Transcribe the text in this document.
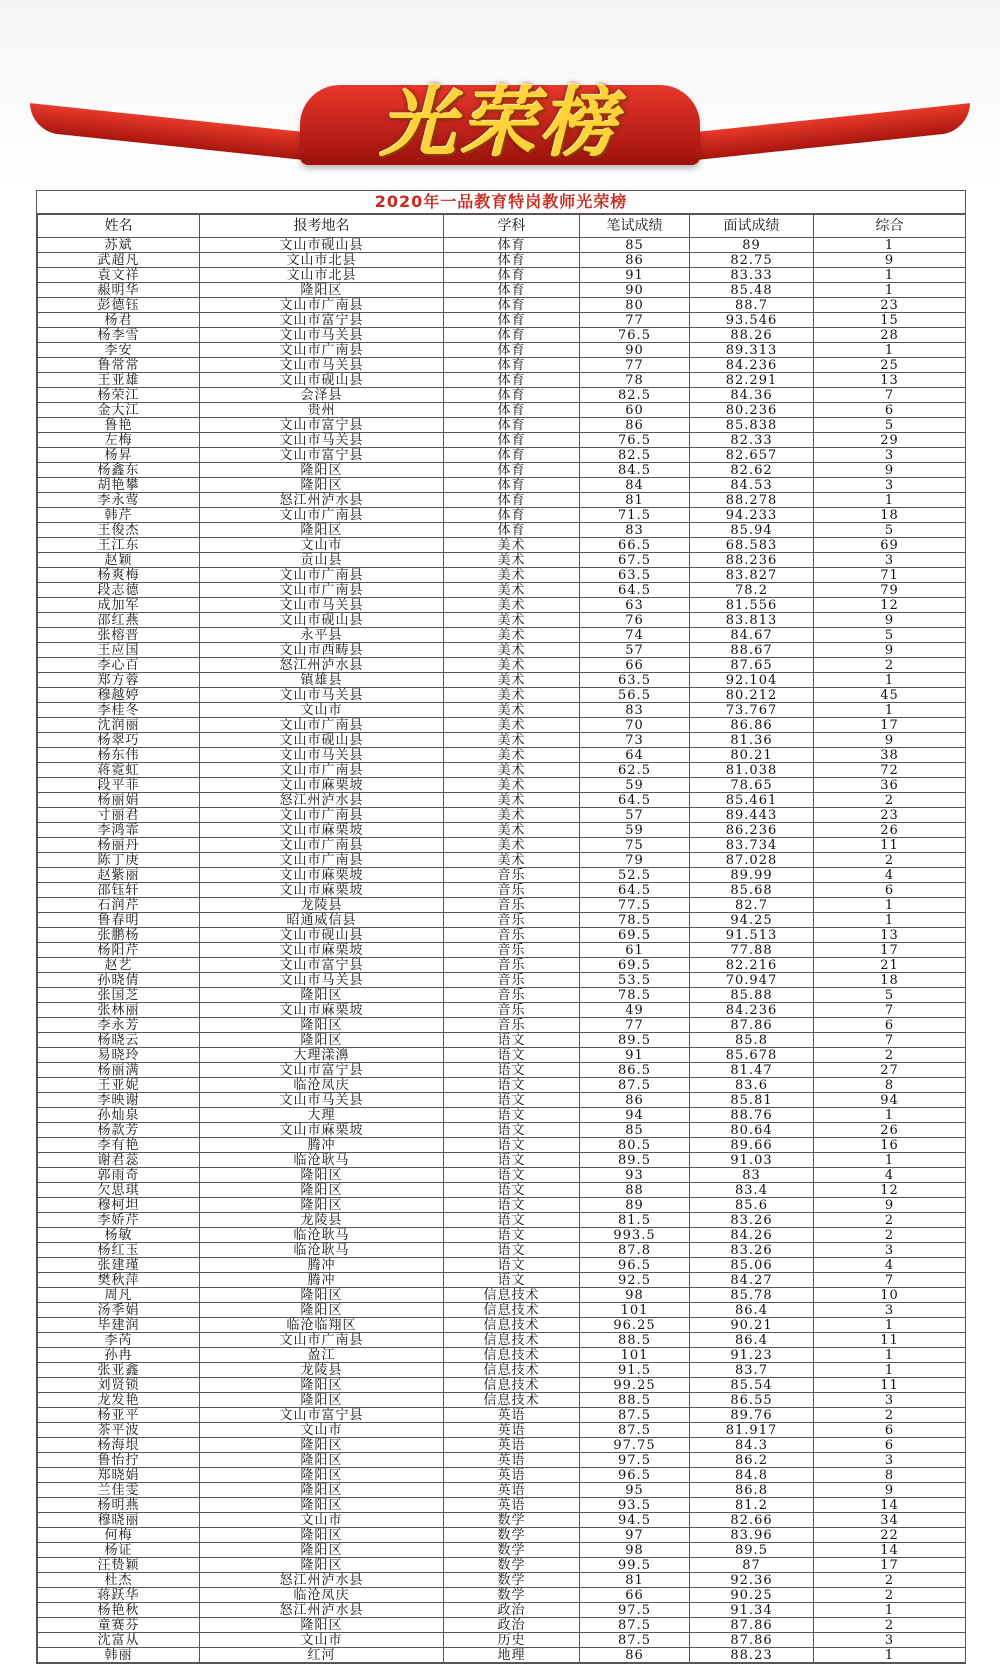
光荣榜
2020年一品教育特岗教师光荣榜
姓名	报考地名	学科	笔试成绩	面试成绩	综合
苏斌	文山市砚山县	体育	85	89	1
武超凡	文山市北县	体育	86	82.75	9
袁文祥	文山市北县	体育	91	83.33	1
赧明华	隆阳区	体育	90	85.48	1
彭德钰	文山市广南县	体育	80	88.7	23
杨君	文山市富宁县	体育	77	93.546	15
杨李雪	文山市马关县	体育	76.5	88.26	28
李安	文山市广南县	体育	90	89.313	1
鲁常常	文山市马关县	体育	77	84.236	25
王亚雄	文山市砚山县	体育	78	82.291	13
杨荣江	会泽县	体育	82.5	84.36	7
金大江	贵州	体育	60	80.236	6
鲁艳	文山市富宁县	体育	86	85.838	5
左梅	文山市马关县	体育	76.5	82.33	29
杨昇	文山市富宁县	体育	82.5	82.657	3
杨鑫东	隆阳区	体育	84.5	82.62	9
胡艳攀	隆阳区	体育	84	84.53	3
李永莺	怒江州泸水县	体育	81	88.278	1
韩芹	文山市广南县	体育	71.5	94.233	18
王俊杰	隆阳区	体育	83	85.94	5
王江东	文山市	美术	66.5	68.583	69
赵颖	贡山县	美术	67.5	88.236	3
杨爽梅	文山市广南县	美术	63.5	83.827	71
段志德	文山市广南县	美术	64.5	78.2	79
成加军	文山市马关县	美术	63	81.556	12
邵红燕	文山市砚山县	美术	76	83.813	9
张榕晋	永平县	美术	74	84.67	5
王应国	文山市西畴县	美术	57	88.67	9
李心百	怒江州泸水县	美术	66	87.65	2
郑方蓉	镇雄县	美术	63.5	92.104	1
穆越婷	文山市马关县	美术	56.5	80.212	45
李桂冬	文山市	美术	83	73.767	1
沈润丽	文山市广南县	美术	70	86.86	17
杨翠巧	文山市砚山县	美术	73	81.36	9
杨东伟	文山市马关县	美术	64	80.21	38
蒋霓虹	文山市广南县	美术	62.5	81.038	72
段平菲	文山市麻栗坡	美术	59	78.65	36
杨丽娟	怒江州泸水县	美术	64.5	85.461	2
寸丽君	文山市广南县	美术	57	89.443	23
李鸿霏	文山市麻栗坡	美术	59	86.236	26
杨丽丹	文山市广南县	美术	75	83.734	11
陈丁庚	文山市广南县	美术	79	87.028	2
赵紫丽	文山市麻栗坡	音乐	52.5	89.99	4
邵钰轩	文山市麻栗坡	音乐	64.5	85.68	6
石润芹	龙陵县	音乐	77.5	82.7	1
鲁春明	昭通威信县	音乐	78.5	94.25	1
张鹏杨	文山市砚山县	音乐	69.5	91.513	13
杨阳芹	文山市麻栗坡	音乐	61	77.88	17
赵艺	文山市富宁县	音乐	69.5	82.216	21
孙晓倩	文山市马关县	音乐	53.5	70.947	18
张国芝	隆阳区	音乐	78.5	85.88	5
张林丽	文山市麻栗坡	音乐	49	84.236	7
李永芳	隆阳区	音乐	77	87.86	6
杨晓云	隆阳区	语文	89.5	85.8	7
易晓玲	大理漾濞	语文	91	85.678	2
杨丽满	文山市富宁县	语文	86.5	81.47	27
王亚妮	临沧凤庆	语文	87.5	83.6	8
李映谢	文山市马关县	语文	86	85.81	94
孙灿泉	大理	语文	94	88.76	1
杨款芳	文山市麻栗坡	语文	85	80.64	26
李有艳	腾冲	语文	80.5	89.66	16
谢君蕊	临沧耿马	语文	89.5	91.03	1
郭雨奇	隆阳区	语文	93	83	4
欠思琪	隆阳区	语文	88	83.4	12
穆柯坦	隆阳区	语文	89	85.6	9
李娇芹	龙陵县	语文	81.5	83.26	2
杨敏	临沧耿马	语文	993.5	84.26	2
杨红玉	临沧耿马	语文	87.8	83.26	3
张建瑾	腾冲	语文	96.5	85.06	4
樊秋萍	腾冲	语文	92.5	84.27	7
周凡	隆阳区	信息技术	98	85.78	10
汤季娟	隆阳区	信息技术	101	86.4	3
毕建润	临沧临翔区	信息技术	96.25	90.21	1
李芮	文山市广南县	信息技术	88.5	86.4	11
孙冉	盈江	信息技术	101	91.23	1
张亚鑫	龙陵县	信息技术	91.5	83.7	1
刘贤锁	隆阳区	信息技术	99.25	85.54	11
龙发艳	隆阳区	信息技术	88.5	86.55	3
杨亚平	文山市富宁县	英语	87.5	89.76	2
茶平波	文山市	英语	87.5	81.917	6
杨海垠	隆阳区	英语	97.75	84.3	6
鲁怡拧	隆阳区	英语	97.5	86.2	3
郑晓娟	隆阳区	英语	96.5	84.8	8
兰佳雯	隆阳区	英语	95	86.8	9
杨明燕	隆阳区	英语	93.5	81.2	14
穆晓丽	文山市	数学	94.5	82.66	34
何梅	隆阳区	数学	97	83.96	22
杨证	隆阳区	数学	98	89.5	14
汪贽颖	隆阳区	数学	99.5	87	17
杜杰	怒江州泸水县	数学	81	92.36	2
蒋跃华	临沧凤庆	数学	66	90.25	2
杨艳秋	怒江州泸水县	政治	97.5	91.34	1
童赛芬	隆阳区	政治	87.5	87.86	2
沈富从	文山市	历史	87.5	87.86	3
韩丽	红河	地理	86	88.23	1
